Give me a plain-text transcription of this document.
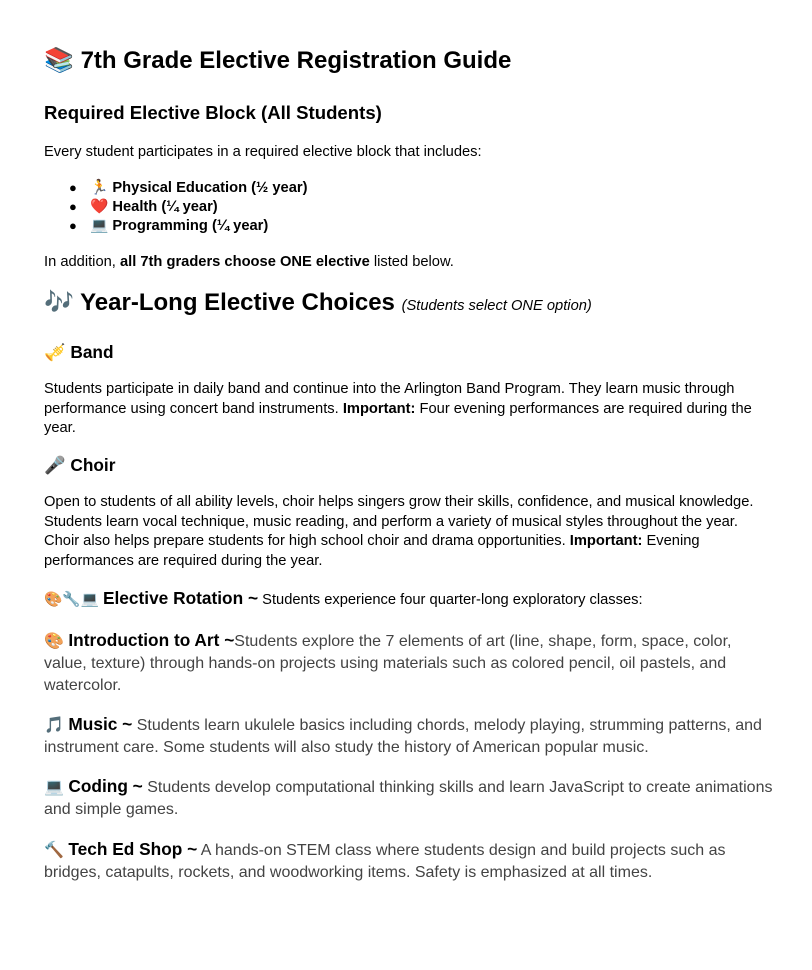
📚 7th Grade Elective Registration Guide
Required Elective Block (All Students)
Every student participates in a required elective block that includes:
● 🏃 Physical Education (½ year)
● ❤️ Health (¼ year)
● 💻 Programming (¼ year)
In addition, all 7th graders choose ONE elective listed below.
🎶 Year-Long Elective Choices (Students select ONE option)
🎺 Band
Students participate in daily band and continue into the Arlington Band Program. They learn music through performance using concert band instruments. Important: Four evening performances are required during the year.
🎤 Choir
Open to students of all ability levels, choir helps singers grow their skills, confidence, and musical knowledge. Students learn vocal technique, music reading, and perform a variety of musical styles throughout the year. Choir also helps prepare students for high school choir and drama opportunities. Important: Evening performances are required during the year.
🎨🔧💻 Elective Rotation ~ Students experience four quarter-long exploratory classes:
🎨 Introduction to Art ~Students explore the 7 elements of art (line, shape, form, space, color, value, texture) through hands-on projects using materials such as colored pencil, oil pastels, and watercolor.
🎵 Music ~ Students learn ukulele basics including chords, melody playing, strumming patterns, and instrument care. Some students will also study the history of American popular music.
💻 Coding ~ Students develop computational thinking skills and learn JavaScript to create animations and simple games.
🔨 Tech Ed Shop ~ A hands-on STEM class where students design and build projects such as bridges, catapults, rockets, and woodworking items. Safety is emphasized at all times.
